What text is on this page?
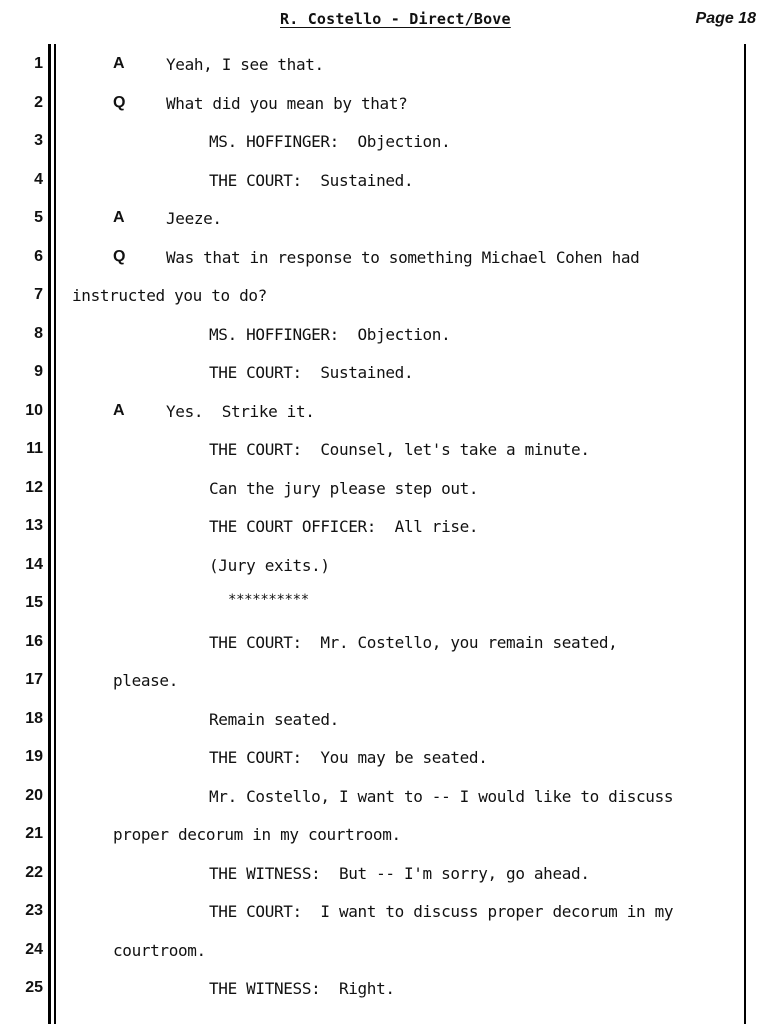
R. Costello - Direct/Bove	Page 18
1	A	Yeah, I see that.
2	Q	What did you mean by that?
3	MS. HOFFINGER:  Objection.
4	THE COURT:  Sustained.
5	A	Jeeze.
6	Q	Was that in response to something Michael Cohen had
7 instructed you to do?
8	MS. HOFFINGER:  Objection.
9	THE COURT:  Sustained.
10	A	Yes.  Strike it.
11	THE COURT:  Counsel, let's take a minute.
12	Can the jury please step out.
13	THE COURT OFFICER:  All rise.
14	(Jury exits.)
15	**********
16	THE COURT:  Mr. Costello, you remain seated,
17	please.
18	Remain seated.
19	THE COURT:  You may be seated.
20	Mr. Costello, I want to -- I would like to discuss
21	proper decorum in my courtroom.
22	THE WITNESS:  But -- I'm sorry, go ahead.
23	THE COURT:  I want to discuss proper decorum in my
24	courtroom.
25	THE WITNESS:  Right.
